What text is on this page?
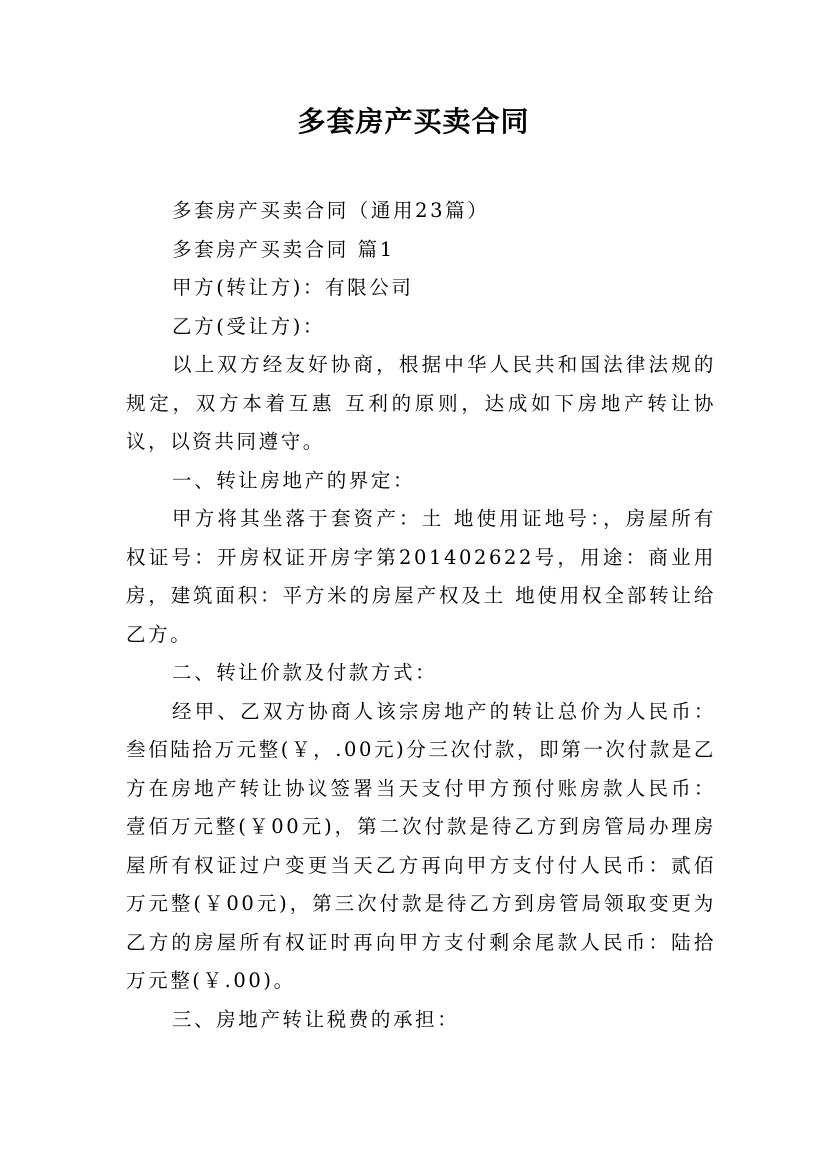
多套房产买卖合同

多套房产买卖合同（通用23篇）

多套房产买卖合同 篇1

甲方(转让方)：有限公司

乙方(受让方)：

以上双方经友好协商，根据中华人民共和国法律法规的规定，双方本着互惠 互利的原则，达成如下房地产转让协议，以资共同遵守。

一、转让房地产的界定：

甲方将其坐落于套资产：土 地使用证地号：，房屋所有权证号：开房权证开房字第201402622号，用途：商业用房，建筑面积：平方米的房屋产权及土 地使用权全部转让给乙方。

二、转让价款及付款方式：

经甲、乙双方协商人该宗房地产的转让总价为人民币：叁佰陆拾万元整(￥，.00元)分三次付款，即第一次付款是乙方在房地产转让协议签署当天支付甲方预付账房款人民币：壹佰万元整(￥00元)，第二次付款是待乙方到房管局办理房屋所有权证过户变更当天乙方再向甲方支付付人民币：贰佰万元整(￥00元)，第三次付款是待乙方到房管局领取变更为乙方的房屋所有权证时再向甲方支付剩余尾款人民币：陆拾万元整(￥.00)。

三、房地产转让税费的承担：
